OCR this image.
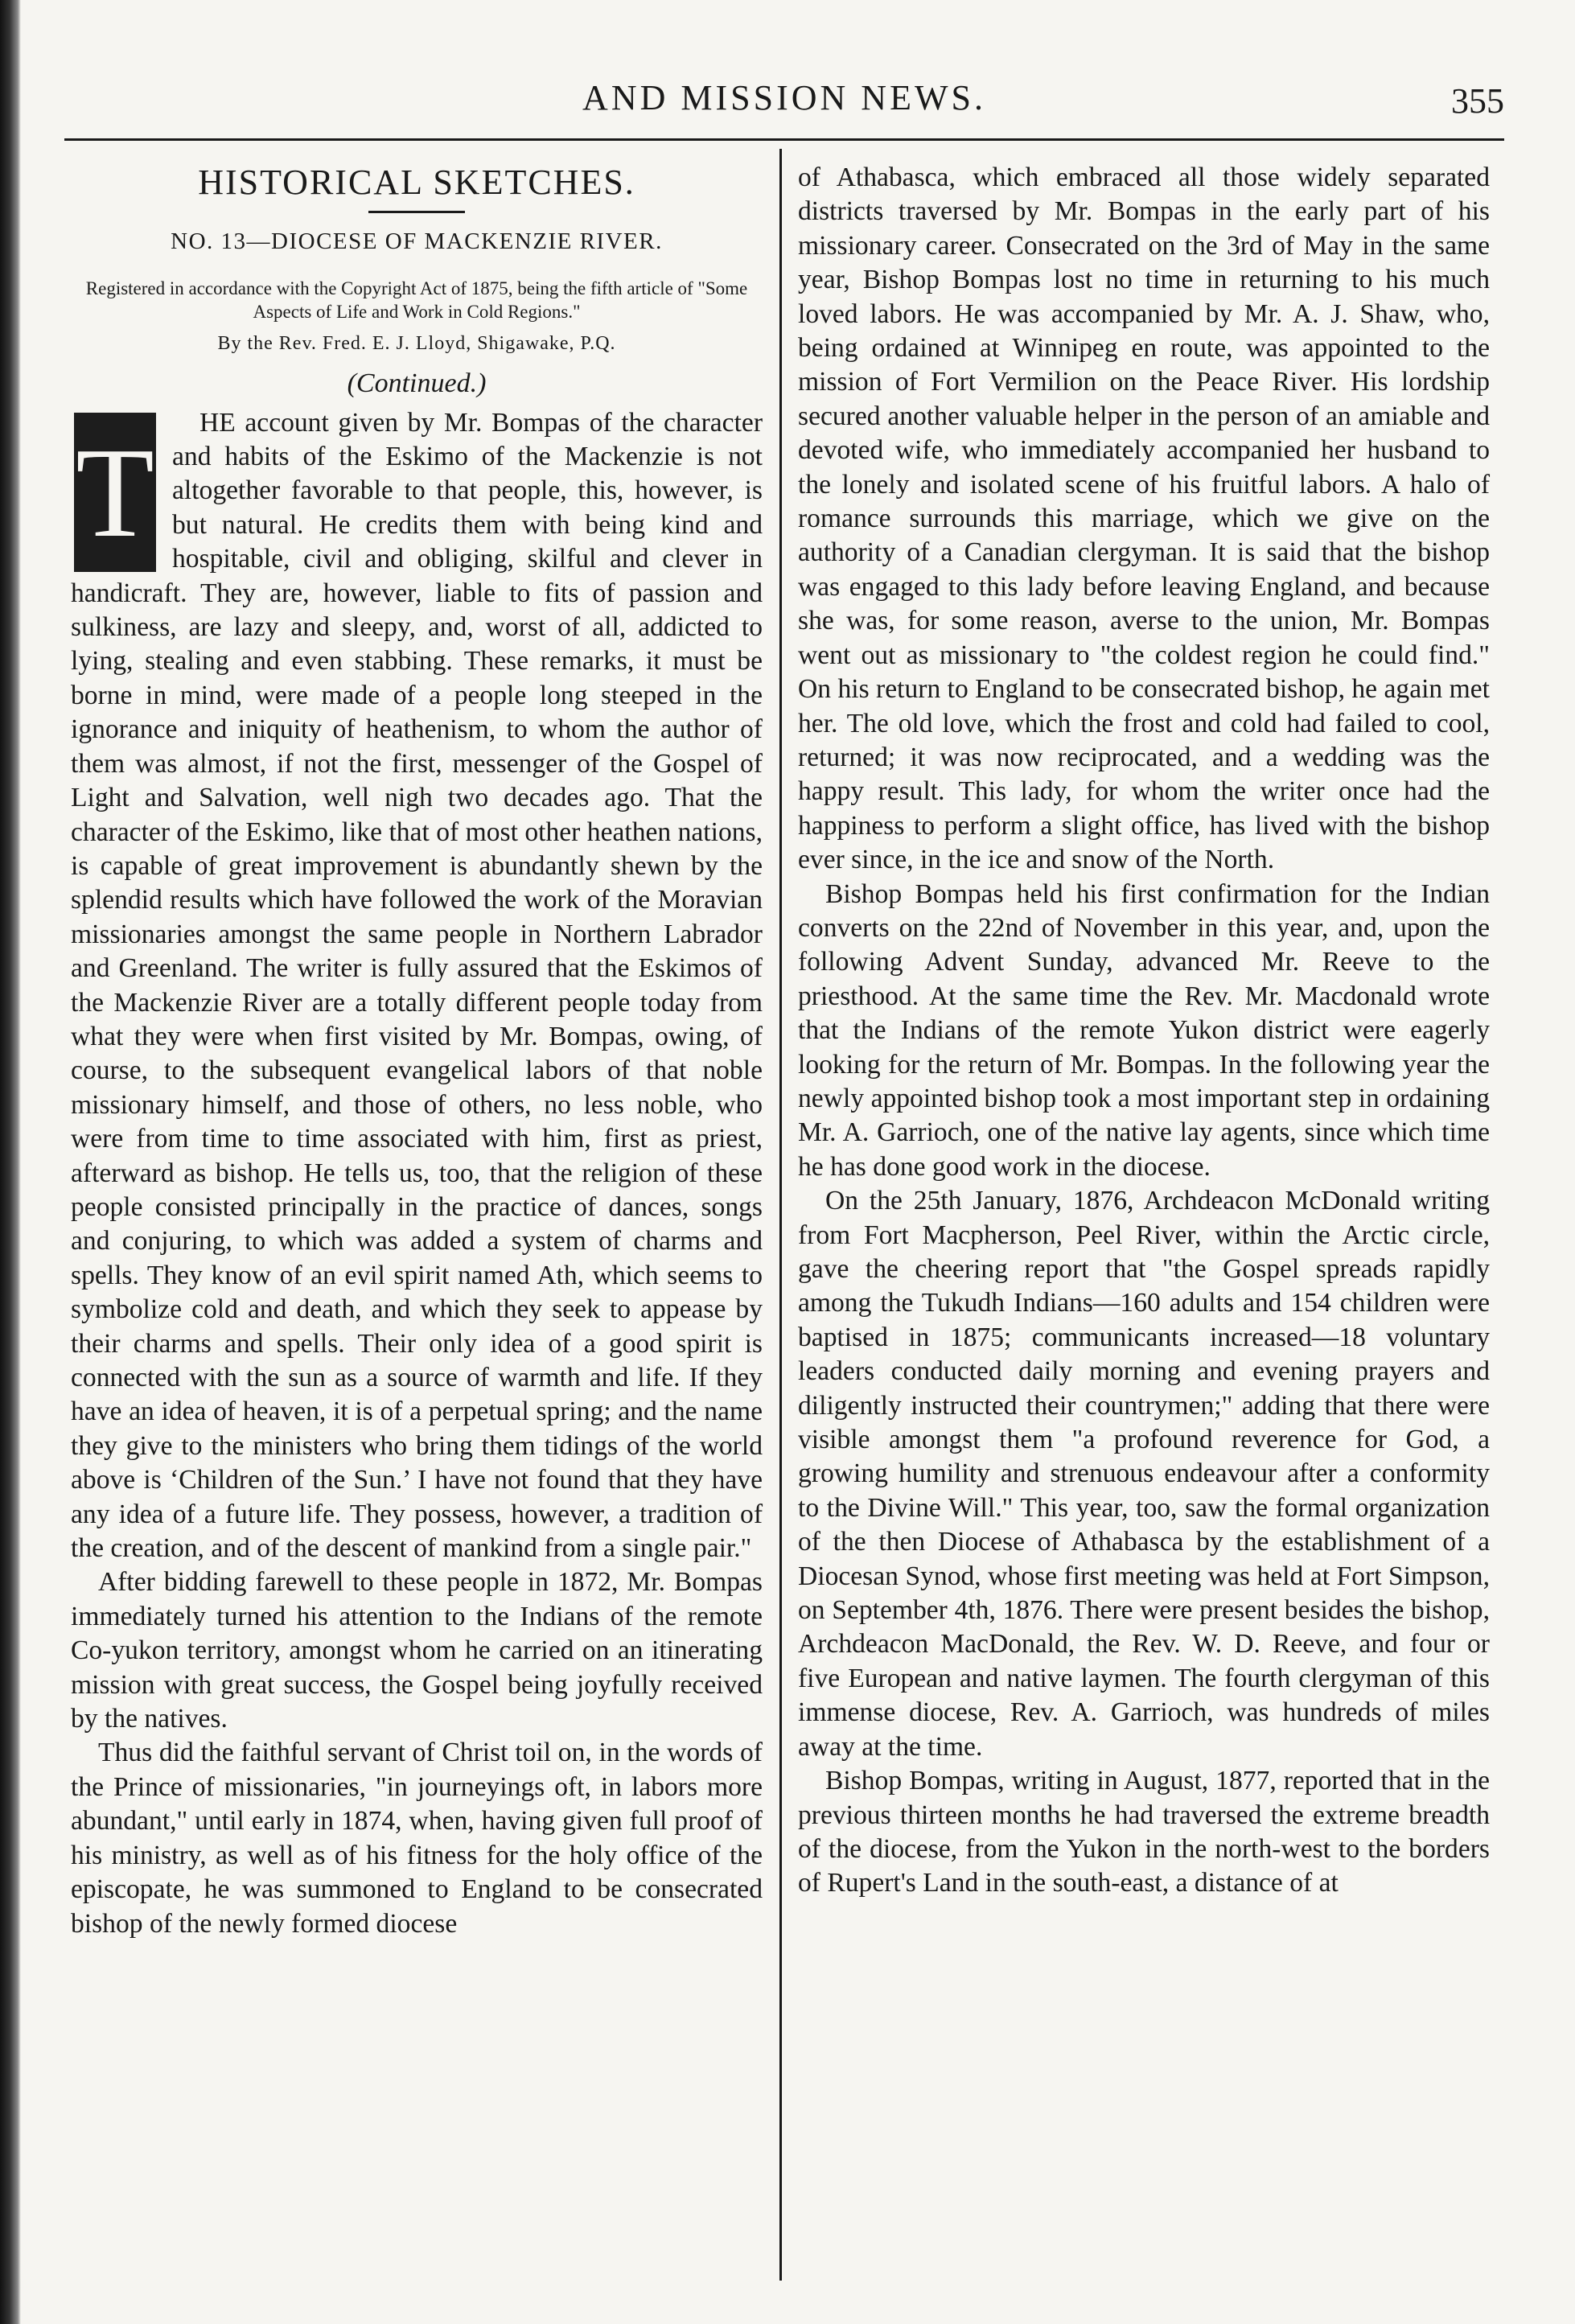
AND MISSION NEWS.	355
HISTORICAL SKETCHES.
NO. 13—DIOCESE OF MACKENZIE RIVER.
Registered in accordance with the Copyright Act of 1875, being the fifth article of "Some Aspects of Life and Work in Cold Regions."
By the Rev. Fred. E. J. Lloyd, Shigawake, P.Q.
(Continued.)
T	HE account given by Mr. Bompas of the character and habits of the Eskimo of the Mackenzie is not altogether favorable to that people, this, however, is but natural. He credits them with being kind and hospitable, civil and obliging, skilful and clever in handicraft. They are, however, liable to fits of passion and sulkiness, are lazy and sleepy, and, worst of all, addicted to lying, stealing and even stabbing. These remarks, it must be borne in mind, were made of a people long steeped in the ignorance and iniquity of heathenism, to whom the author of them was almost, if not the first, messenger of the Gospel of Light and Salvation, well nigh two decades ago. That the character of the Eskimo, like that of most other heathen nations, is capable of great improvement is abundantly shewn by the splendid results which have followed the work of the Moravian missionaries amongst the same people in Northern Labrador and Greenland. The writer is fully assured that the Eskimos of the Mackenzie River are a totally different people today from what they were when first visited by Mr. Bompas, owing, of course, to the subsequent evangelical labors of that noble missionary himself, and those of others, no less noble, who were from time to time associated with him, first as priest, afterward as bishop. He tells us, too, that the religion of these people consisted principally in the practice of dances, songs and conjuring, to which was added a system of charms and spells. They know of an evil spirit named Ath, which seems to symbolize cold and death, and which they seek to appease by their charms and spells. Their only idea of a good spirit is connected with the sun as a source of warmth and life. If they have an idea of heaven, it is of a perpetual spring; and the name they give to the ministers who bring them tidings of the world above is ‘Children of the Sun.’ I have not found that they have any idea of a future life. They possess, however, a tradition of the creation, and of the descent of mankind from a single pair."

After bidding farewell to these people in 1872, Mr. Bompas immediately turned his attention to the Indians of the remote Co-yukon territory, amongst whom he carried on an itinerating mission with great success, the Gospel being joyfully received by the natives.

Thus did the faithful servant of Christ toil on, in the words of the Prince of missionaries, "in journeyings oft, in labors more abundant," until early in 1874, when, having given full proof of his ministry, as well as of his fitness for the holy office of the episcopate, he was summoned to England to be consecrated bishop of the newly formed diocese

of Athabasca, which embraced all those widely separated districts traversed by Mr. Bompas in the early part of his missionary career. Consecrated on the 3rd of May in the same year, Bishop Bompas lost no time in returning to his much loved labors. He was accompanied by Mr. A. J. Shaw, who, being ordained at Winnipeg en route, was appointed to the mission of Fort Vermilion on the Peace River. His lordship secured another valuable helper in the person of an amiable and devoted wife, who immediately accompanied her husband to the lonely and isolated scene of his fruitful labors. A halo of romance surrounds this marriage, which we give on the authority of a Canadian clergyman. It is said that the bishop was engaged to this lady before leaving England, and because she was, for some reason, averse to the union, Mr. Bompas went out as missionary to "the coldest region he could find." On his return to England to be consecrated bishop, he again met her. The old love, which the frost and cold had failed to cool, returned; it was now reciprocated, and a wedding was the happy result. This lady, for whom the writer once had the happiness to perform a slight office, has lived with the bishop ever since, in the ice and snow of the North.

Bishop Bompas held his first confirmation for the Indian converts on the 22nd of November in this year, and, upon the following Advent Sunday, advanced Mr. Reeve to the priesthood. At the same time the Rev. Mr. Macdonald wrote that the Indians of the remote Yukon district were eagerly looking for the return of Mr. Bompas. In the following year the newly appointed bishop took a most important step in ordaining Mr. A. Garrioch, one of the native lay agents, since which time he has done good work in the diocese.

On the 25th January, 1876, Archdeacon McDonald writing from Fort Macpherson, Peel River, within the Arctic circle, gave the cheering report that "the Gospel spreads rapidly among the Tukudh Indians—160 adults and 154 children were baptised in 1875; communicants increased—18 voluntary leaders conducted daily morning and evening prayers and diligently instructed their countrymen;" adding that there were visible amongst them "a profound reverence for God, a growing humility and strenuous endeavour after a conformity to the Divine Will." This year, too, saw the formal organization of the then Diocese of Athabasca by the establishment of a Diocesan Synod, whose first meeting was held at Fort Simpson, on September 4th, 1876. There were present besides the bishop, Archdeacon MacDonald, the Rev. W. D. Reeve, and four or five European and native laymen. The fourth clergyman of this immense diocese, Rev. A. Garrioch, was hundreds of miles away at the time.

Bishop Bompas, writing in August, 1877, reported that in the previous thirteen months he had traversed the extreme breadth of the diocese, from the Yukon in the north-west to the borders of Rupert's Land in the south-east, a distance of at
